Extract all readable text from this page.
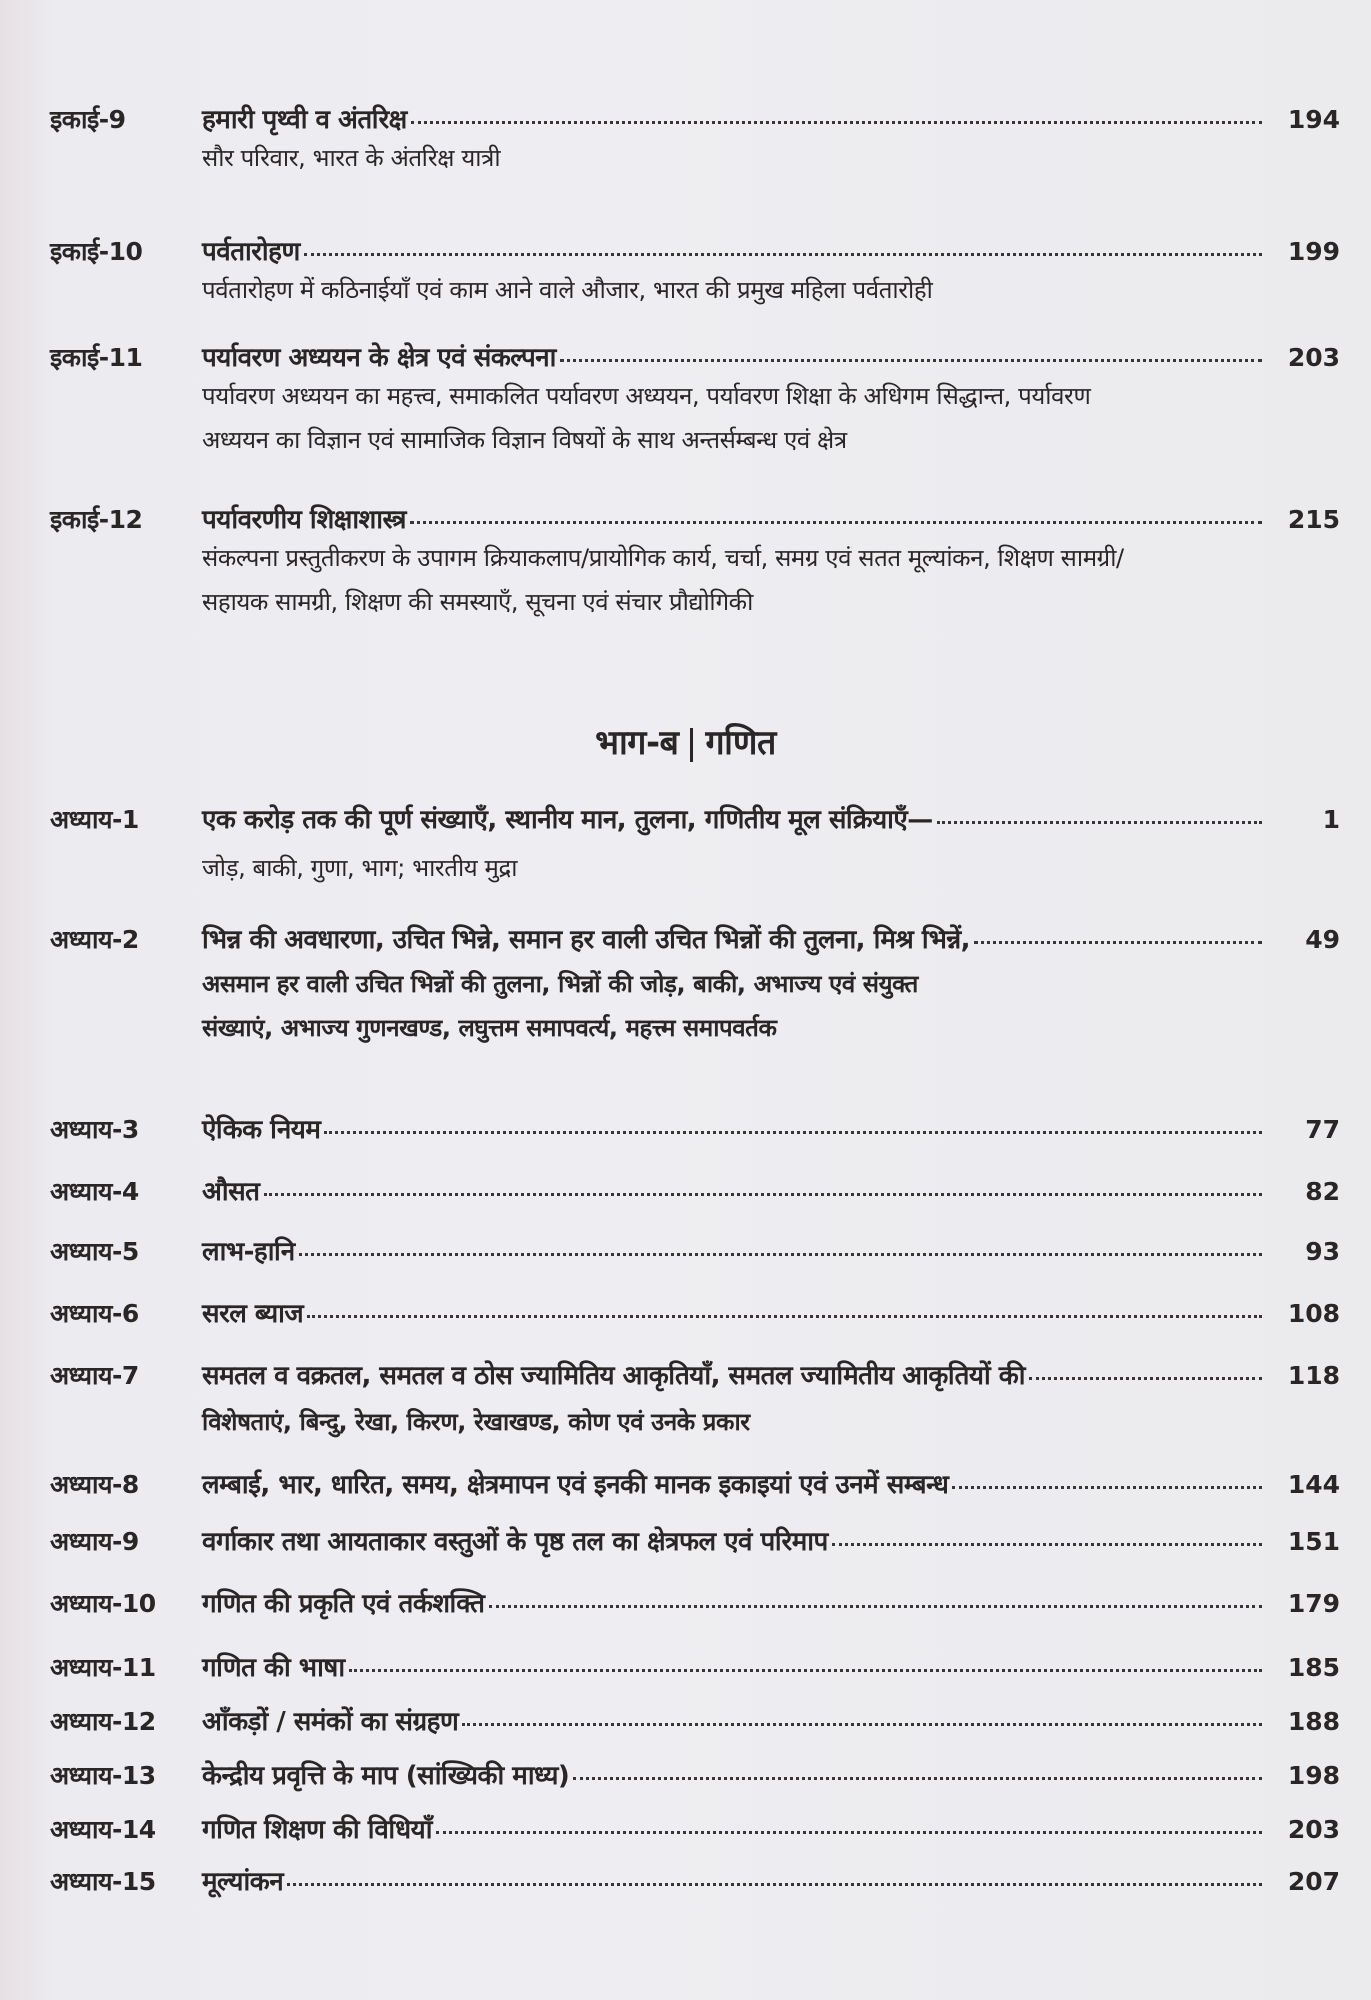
इकाई-9	हमारी पृथ्वी व अंतरिक्ष	194
सौर परिवार, भारत के अंतरिक्ष यात्री
इकाई-10	पर्वतारोहण	199
पर्वतारोहण में कठिनाईयाँ एवं काम आने वाले औजार, भारत की प्रमुख महिला पर्वतारोही
इकाई-11	पर्यावरण अध्ययन के क्षेत्र एवं संकल्पना	203
पर्यावरण अध्ययन का महत्त्व, समाकलित पर्यावरण अध्ययन, पर्यावरण शिक्षा के अधिगम सिद्धान्त, पर्यावरण
अध्ययन का विज्ञान एवं सामाजिक विज्ञान विषयों के साथ अन्तर्सम्बन्ध एवं क्षेत्र
इकाई-12	पर्यावरणीय शिक्षाशास्त्र	215
संकल्पना प्रस्तुतीकरण के उपागम क्रियाकलाप/प्रायोगिक कार्य, चर्चा, समग्र एवं सतत मूल्यांकन, शिक्षण सामग्री/
सहायक सामग्री, शिक्षण की समस्याएँ, सूचना एवं संचार प्रौद्योगिकी
भाग-ब गणित
अध्याय-1	एक करोड़ तक की पूर्ण संख्याएँ, स्थानीय मान, तुलना, गणितीय मूल संक्रियाएँ—	1
जोड़, बाकी, गुणा, भाग; भारतीय मुद्रा
अध्याय-2	भिन्न की अवधारणा, उचित भिन्ने, समान हर वाली उचित भिन्नों की तुलना, मिश्र भिन्नें,	49
असमान हर वाली उचित भिन्नों की तुलना, भिन्नों की जोड़, बाकी, अभाज्य एवं संयुक्त
संख्याएं, अभाज्य गुणनखण्ड, लघुत्तम समापवर्त्य, महत्त्म समापवर्तक
अध्याय-3	ऐकिक नियम	77
अध्याय-4	औसत	82
अध्याय-5	लाभ-हानि	93
अध्याय-6	सरल ब्याज	108
अध्याय-7	समतल व वक्रतल, समतल व ठोस ज्यामितिय आकृतियाँ, समतल ज्यामितीय आकृतियों की	118
विशेषताएं, बिन्दु, रेखा, किरण, रेखाखण्ड, कोण एवं उनके प्रकार
अध्याय-8	लम्बाई, भार, धारित, समय, क्षेत्रमापन एवं इनकी मानक इकाइयां एवं उनमें सम्बन्ध	144
अध्याय-9	वर्गाकार तथा आयताकार वस्तुओं के पृष्ठ तल का क्षेत्रफल एवं परिमाप	151
अध्याय-10	गणित की प्रकृति एवं तर्कशक्ति	179
अध्याय-11	गणित की भाषा	185
अध्याय-12	आँकड़ों / समंकों का संग्रहण	188
अध्याय-13	केन्द्रीय प्रवृत्ति के माप (सांख्यिकी माध्य)	198
अध्याय-14	गणित शिक्षण की विधियाँ	203
अध्याय-15	मूल्यांकन	207
